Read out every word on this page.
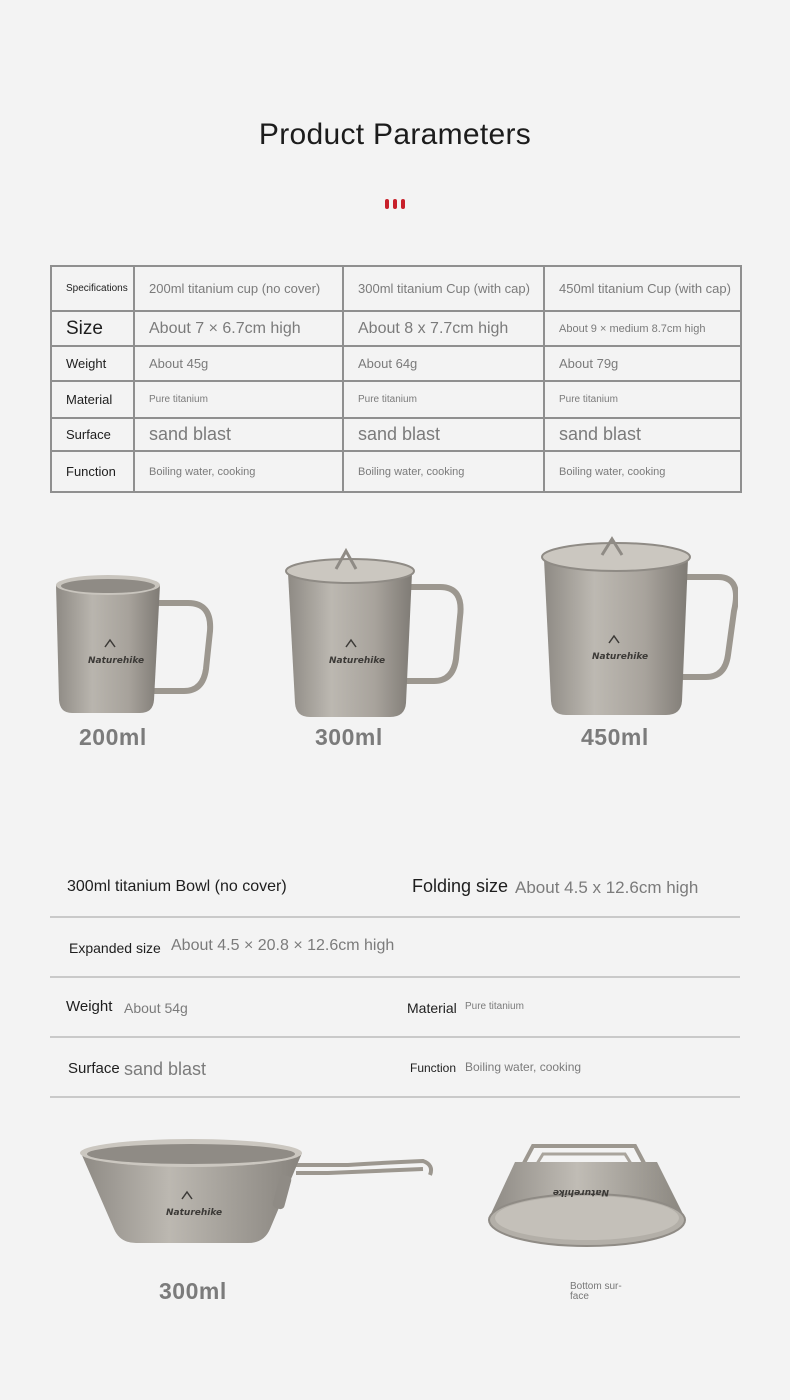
Product Parameters
Specifications	200ml titanium cup (no cover)	300ml titanium Cup (with cap)	450ml titanium Cup (with cap)
Size	About 7 × 6.7cm high	About 8 x 7.7cm high	About 9 × medium 8.7cm high
Weight	About 45g	About 64g	About 79g
Material	Pure titanium	Pure titanium	Pure titanium
Surface	sand blast	sand blast	sand blast
Function	Boiling water, cooking	Boiling water, cooking	Boiling water, cooking
Naturehike	Naturehike	Naturehike
200ml	300ml	450ml
300ml titanium Bowl (no cover)	Folding size About 4.5 x 12.6cm high
Expanded size About 4.5 × 20.8 × 12.6cm high
Weight About 54g	Material Pure titanium
Surface sand blast	Function Boiling water, cooking
Naturehike
Naturehike
300ml	Bottom sur- face
